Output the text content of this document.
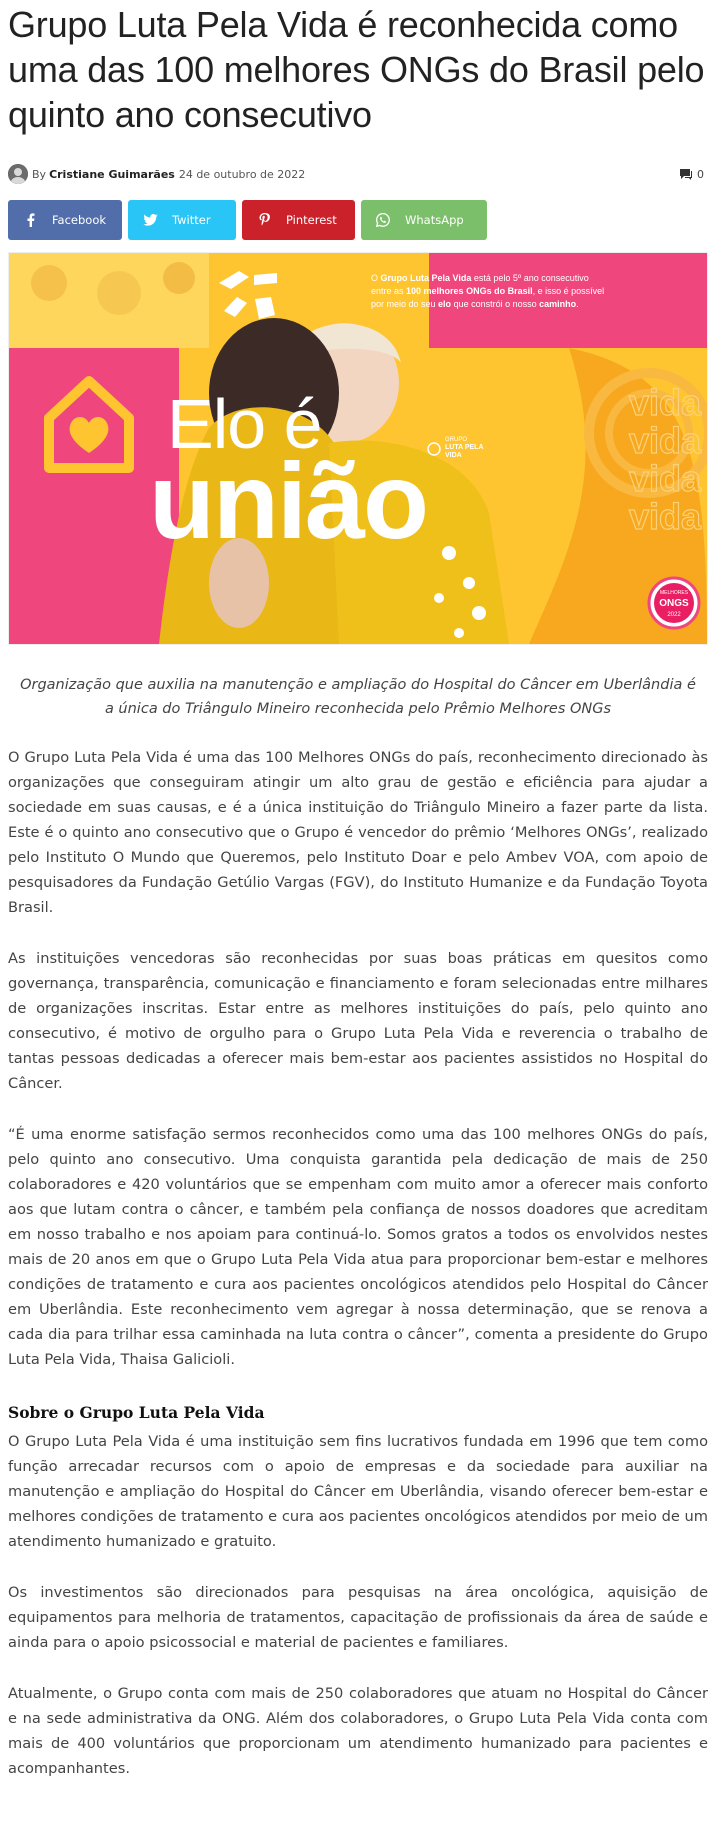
Grupo Luta Pela Vida é reconhecida como uma das 100 melhores ONGs do Brasil pelo quinto ano consecutivo
By Cristiane Guimarães 24 de outubro de 2022	0
Facebook	Twitter	Pinterest	WhatsApp
vida
vida
vida
vida
Elo é
união	GRUPO
LUTA PELA
VIDA
O Grupo Luta Pela Vida está pelo 5º ano consecutivo
entre as 100 melhores ONGs do Brasil, e isso é possível
por meio do seu elo que constrói o nosso caminho.
MELHORES
ONGS
2022
Organização que auxilia na manutenção e ampliação do Hospital do Câncer em Uberlândia é a única do Triângulo Mineiro reconhecida pelo Prêmio Melhores ONGs

O Grupo Luta Pela Vida é uma das 100 Melhores ONGs do país, reconhecimento direcionado às organizações que conseguiram atingir um alto grau de gestão e eficiência para ajudar a sociedade em suas causas, e é a única instituição do Triângulo Mineiro a fazer parte da lista. Este é o quinto ano consecutivo que o Grupo é vencedor do prêmio ‘Melhores ONGs’, realizado pelo Instituto O Mundo que Queremos, pelo Instituto Doar e pelo Ambev VOA, com apoio de pesquisadores da Fundação Getúlio Vargas (FGV), do Instituto Humanize e da Fundação Toyota Brasil.

As instituições vencedoras são reconhecidas por suas boas práticas em quesitos como governança, transparência, comunicação e financiamento e foram selecionadas entre milhares de organizações inscritas. Estar entre as melhores instituições do país, pelo quinto ano consecutivo, é motivo de orgulho para o Grupo Luta Pela Vida e reverencia o trabalho de tantas pessoas dedicadas a oferecer mais bem-estar aos pacientes assistidos no Hospital do Câncer.

“É uma enorme satisfação sermos reconhecidos como uma das 100 melhores ONGs do país, pelo quinto ano consecutivo. Uma conquista garantida pela dedicação de mais de 250 colaboradores e 420 voluntários que se empenham com muito amor a oferecer mais conforto aos que lutam contra o câncer, e também pela confiança de nossos doadores que acreditam em nosso trabalho e nos apoiam para continuá-lo. Somos gratos a todos os envolvidos nestes mais de 20 anos em que o Grupo Luta Pela Vida atua para proporcionar bem-estar e melhores condições de tratamento e cura aos pacientes oncológicos atendidos pelo Hospital do Câncer em Uberlândia. Este reconhecimento vem agregar à nossa determinação, que se renova a cada dia para trilhar essa caminhada na luta contra o câncer”, comenta a presidente do Grupo Luta Pela Vida, Thaisa Galicioli.

Sobre o Grupo Luta Pela Vida

O Grupo Luta Pela Vida é uma instituição sem fins lucrativos fundada em 1996 que tem como função arrecadar recursos com o apoio de empresas e da sociedade para auxiliar na manutenção e ampliação do Hospital do Câncer em Uberlândia, visando oferecer bem-estar e melhores condições de tratamento e cura aos pacientes oncológicos atendidos por meio de um atendimento humanizado e gratuito.

Os investimentos são direcionados para pesquisas na área oncológica, aquisição de equipamentos para melhoria de tratamentos, capacitação de profissionais da área de saúde e ainda para o apoio psicossocial e material de pacientes e familiares.

Atualmente, o Grupo conta com mais de 250 colaboradores que atuam no Hospital do Câncer e na sede administrativa da ONG. Além dos colaboradores, o Grupo Luta Pela Vida conta com mais de 400 voluntários que proporcionam um atendimento humanizado para pacientes e acompanhantes.
